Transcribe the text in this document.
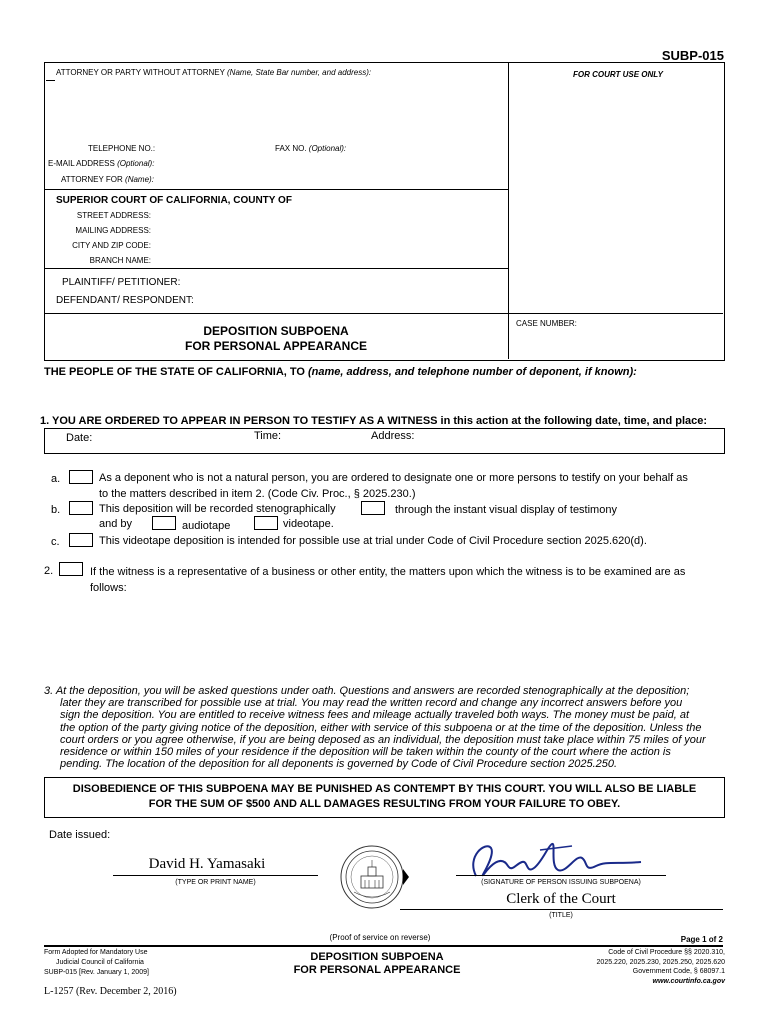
SUBP-015
ATTORNEY OR PARTY WITHOUT ATTORNEY (Name, State Bar number, and address):	FOR COURT USE ONLY
TELEPHONE NO.:	FAX NO. (Optional):
E-MAIL ADDRESS (Optional):
ATTORNEY FOR (Name):
SUPERIOR COURT OF CALIFORNIA, COUNTY OF
STREET ADDRESS:
MAILING ADDRESS:
CITY AND ZIP CODE:
BRANCH NAME:
PLAINTIFF/ PETITIONER:
DEFENDANT/ RESPONDENT:
DEPOSITION SUBPOENA
FOR PERSONAL APPEARANCE
CASE NUMBER:
THE PEOPLE OF THE STATE OF CALIFORNIA, TO (name, address, and telephone number of deponent, if known):
1. YOU ARE ORDERED TO APPEAR IN PERSON TO TESTIFY AS A WITNESS in this action at the following date, time, and place:
Date:	Time:	Address:
a.	As a deponent who is not a natural person, you are ordered to designate one or more persons to testify on your behalf as
to the matters described in item 2. (Code Civ. Proc., § 2025.230.)
b.	This deposition will be recorded stenographically	through the instant visual display of testimony
and by	audiotape	videotape.
c.	This videotape deposition is intended for possible use at trial under Code of Civil Procedure section 2025.620(d).
2.	If the witness is a representative of a business or other entity, the matters upon which the witness is to be examined are as
follows:
3. At the deposition, you will be asked questions under oath. Questions and answers are recorded stenographically at the deposition;
later they are transcribed for possible use at trial. You may read the written record and change any incorrect answers before you
sign the deposition. You are entitled to receive witness fees and mileage actually traveled both ways. The money must be paid, at
the option of the party giving notice of the deposition, either with service of this subpoena or at the time of the deposition. Unless the
court orders or you agree otherwise, if you are being deposed as an individual, the deposition must take place within 75 miles of your
residence or within 150 miles of your residence if the deposition will be taken within the county of the court where the action is
pending. The location of the deposition for all deponents is governed by Code of Civil Procedure section 2025.250.
DISOBEDIENCE OF THIS SUBPOENA MAY BE PUNISHED AS CONTEMPT BY THIS COURT. YOU WILL ALSO BE LIABLE
FOR THE SUM OF $500 AND ALL DAMAGES RESULTING FROM YOUR FAILURE TO OBEY.
Date issued:
David H. Yamasaki
(TYPE OR PRINT NAME)	(SIGNATURE OF PERSON ISSUING SUBPOENA)
Clerk of the Court
(TITLE)
(Proof of service on reverse)	Page 1 of 2
Form Adopted for Mandatory Use
Judicial Council of California
SUBP-015 [Rev. January 1, 2009]
DEPOSITION SUBPOENA
FOR PERSONAL APPEARANCE
Code of Civil Procedure §§ 2020.310,
2025.220, 2025.230, 2025.250, 2025.620
Government Code, § 68097.1
www.courtinfo.ca.gov
L-1257 (Rev. December 2, 2016)
